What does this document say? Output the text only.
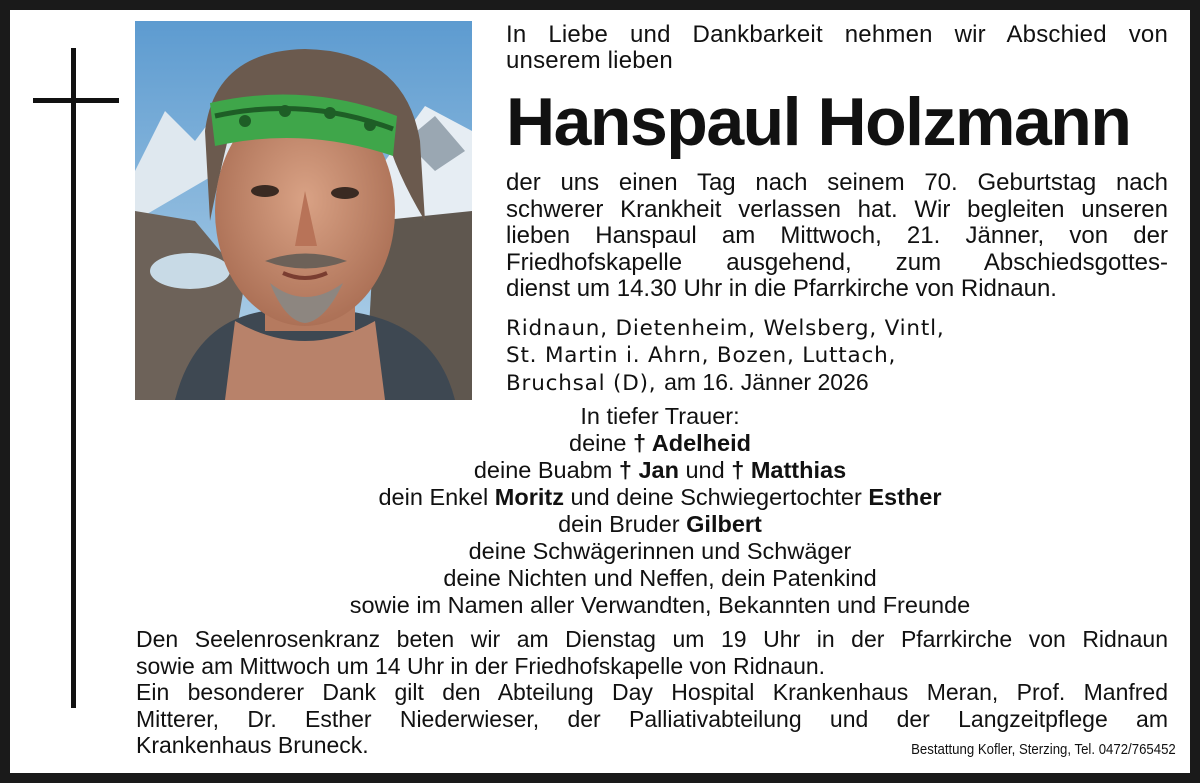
In Liebe und Dankbarkeit nehmen wir Abschied von
unserem lieben
Hanspaul Holzmann
der uns einen Tag nach seinem 70. Geburtstag nach
schwerer Krankheit verlassen hat. Wir begleiten unseren
lieben Hanspaul am Mittwoch, 21. Jänner, von der
Friedhofskapelle ausgehend, zum Abschiedsgottes-
dienst um 14.30 Uhr in die Pfarrkirche von Ridnaun.
Ridnaun, Dietenheim, Welsberg, Vintl,
St. Martin i. Ahrn, Bozen, Luttach,
Bruchsal (D), am 16. Jänner 2026
In tiefer Trauer:
deine † Adelheid
deine Buabm † Jan und † Matthias
dein Enkel Moritz und deine Schwiegertochter Esther
dein Bruder Gilbert
deine Schwägerinnen und Schwäger
deine Nichten und Neffen, dein Patenkind
sowie im Namen aller Verwandten, Bekannten und Freunde
Den Seelenrosenkranz beten wir am Dienstag um 19 Uhr in der Pfarrkirche von Ridnaun
sowie am Mittwoch um 14 Uhr in der Friedhofskapelle von Ridnaun.
Ein besonderer Dank gilt den Abteilung Day Hospital Krankenhaus Meran, Prof. Manfred
Mitterer, Dr. Esther Niederwieser, der Palliativabteilung und der Langzeitpflege am
Krankenhaus Bruneck.	Bestattung Kofler, Sterzing, Tel. 0472/765452
